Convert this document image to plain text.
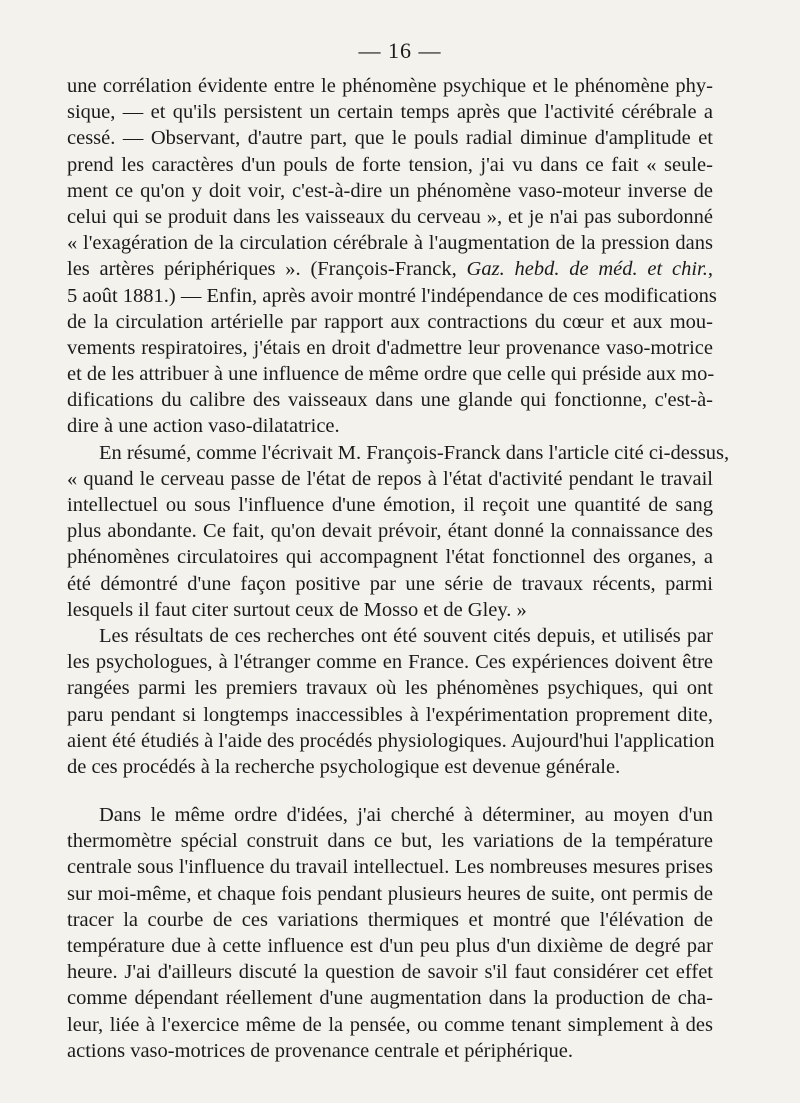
— 16 —
une corrélation évidente entre le phénomène psychique et le phénomène phy-
sique, — et qu'ils persistent un certain temps après que l'activité cérébrale a
cessé. — Observant, d'autre part, que le pouls radial diminue d'amplitude et
prend les caractères d'un pouls de forte tension, j'ai vu dans ce fait « seule-
ment ce qu'on y doit voir, c'est-à-dire un phénomène vaso-moteur inverse de
celui qui se produit dans les vaisseaux du cerveau », et je n'ai pas subordonné
« l'exagération de la circulation cérébrale à l'augmentation de la pression dans
les artères périphériques ». (François-Franck, Gaz. hebd. de méd. et chir.,
5 août 1881.) — Enfin, après avoir montré l'indépendance de ces modifications
de la circulation artérielle par rapport aux contractions du cœur et aux mou-
vements respiratoires, j'étais en droit d'admettre leur provenance vaso-motrice
et de les attribuer à une influence de même ordre que celle qui préside aux mo-
difications du calibre des vaisseaux dans une glande qui fonctionne, c'est-à-
dire à une action vaso-dilatatrice.
En résumé, comme l'écrivait M. François-Franck dans l'article cité ci-dessus,
« quand le cerveau passe de l'état de repos à l'état d'activité pendant le travail
intellectuel ou sous l'influence d'une émotion, il reçoit une quantité de sang
plus abondante. Ce fait, qu'on devait prévoir, étant donné la connaissance des
phénomènes circulatoires qui accompagnent l'état fonctionnel des organes, a
été démontré d'une façon positive par une série de travaux récents, parmi
lesquels il faut citer surtout ceux de Mosso et de Gley. »
Les résultats de ces recherches ont été souvent cités depuis, et utilisés par
les psychologues, à l'étranger comme en France. Ces expériences doivent être
rangées parmi les premiers travaux où les phénomènes psychiques, qui ont
paru pendant si longtemps inaccessibles à l'expérimentation proprement dite,
aient été étudiés à l'aide des procédés physiologiques. Aujourd'hui l'application
de ces procédés à la recherche psychologique est devenue générale.
Dans le même ordre d'idées, j'ai cherché à déterminer, au moyen d'un
thermomètre spécial construit dans ce but, les variations de la température
centrale sous l'influence du travail intellectuel. Les nombreuses mesures prises
sur moi-même, et chaque fois pendant plusieurs heures de suite, ont permis de
tracer la courbe de ces variations thermiques et montré que l'élévation de
température due à cette influence est d'un peu plus d'un dixième de degré par
heure. J'ai d'ailleurs discuté la question de savoir s'il faut considérer cet effet
comme dépendant réellement d'une augmentation dans la production de cha-
leur, liée à l'exercice même de la pensée, ou comme tenant simplement à des
actions vaso-motrices de provenance centrale et périphérique.
